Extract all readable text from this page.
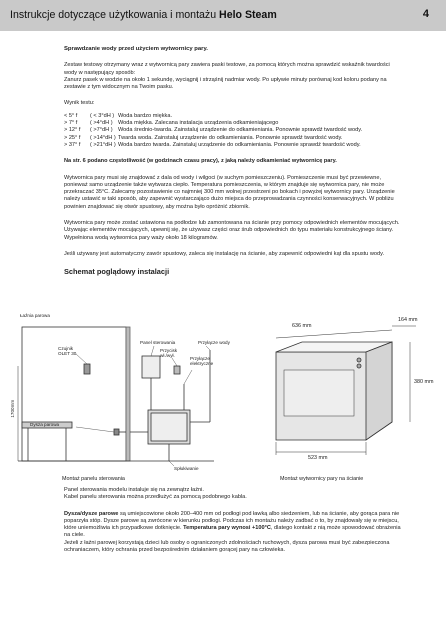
Instrukcje dotyczące użytkowania i montażu Helo Steam	4

Sprawdzanie wody przed użyciem wytwornicy pary.

Zestaw testowy otrzymany wraz z wytwornicą pary zawiera paski testowe, za pomocą których można sprawdzić wskaźnik twardości wody w następujący sposób:

Zanurz pasek w wodzie na około 1 sekundę, wyciągnij i strząśnij nadmiar wody. Po upływie minuty porównaj kod koloru podany na zestawie z tym widocznym na Twoim pasku.

Wynik testu:

< 5° f	( < 3°dH )	Woda bardzo miękka.
> 7° f	( >4°dH )	Woda miękka. Zalecana instalacja urządzenia odkamieniającego
> 12° f	( >7°dH )	Woda średnio-twarda. Zainstaluj urządzenie do odkamieniania. Ponownie sprawdź twardość wody.
> 25° f	( >14°dH )	Twarda woda. Zainstaluj urządzenie do odkamieniania. Ponownie sprawdź twardość wody.
> 37° f	( >21°dH )	Woda bardzo twarda. Zainstaluj urządzenie do odkamieniania. Ponownie sprawdź twardość wody.

Na str. 6 podano częstotliwość (w godzinach czasu pracy), z jaką należy odkamieniać wytwornicę pary.

Wytwornica pary musi się znajdować z dala od wody i wilgoci (w suchym pomieszczeniu). Pomieszczenie musi być przewiewne, ponieważ samo urządzenie także wytwarza ciepło. Temperatura pomieszczenia, w którym znajduje się wytwornica pary, nie może przekraczać 35°C. Zalecamy pozostawienie co najmniej 300 mm wolnej przestrzeni po bokach i powyżej wytwornicy pary. Urządzenie należy ustawić w taki sposób, aby zapewnić wystarczająco dużo miejsca do przeprowadzania czynności konserwacyjnych. W pobliżu powinien znajdować się otwór spustowy, aby można było opróżnić zbiornik.

Wytwornica pary może zostać ustawiona na podłodze lub zamontowana na ścianie przy pomocy odpowiednich elementów mocujących. Używając elementów mocujących, upewnij się, że używasz części oraz śrub odpowiednich do typu materiału konstrukcyjnego ściany. Wypełniona wodą wytwornica pary waży około 18 kilogramów.

Jeśli używany jest automatyczny zawór spustowy, zaleca się instalację na ścianie, aby zapewnić odpowiedni kąt dla spustu wody.

Schemat poglądowy instalacji

Łaźnia parowa
Panel sterowania	Przyłącze wody
Przycisk
wł./wył.
Przyłącze
elektryczne
Czujnik
OLET 30
Dysza parowa
Spłukiwanie
1700mm
636 mm
164 mm
380 mm
523 mm
Montaż panelu sterowania	Montaż wytwornicy pary na ścianie

Panel sterowania modelu instaluje się na zewnątrz łaźni.

Kabel panelu sterowania można przedłużyć za pomocą podobnego kabla.

Dysza/dysze parowe są umiejscowione około 200–400 mm od podłogi pod ławką albo siedzeniem, lub na ścianie, aby gorąca para nie poparzyła stóp. Dysze parowe są zwrócone w kierunku podłogi. Podczas ich montażu należy zadbać o to, by znajdowały się w miejscu, które uniemożliwia ich przypadkowe dotknięcie. Temperatura pary wynosi +100°C, dlatego kontakt z nią może spowodować obrażenia na ciele.

Jeżeli z łaźni parowej korzystają dzieci lub osoby o ograniczonych zdolnościach ruchowych, dysza parowa musi być zabezpieczona ochraniaczem, który ochrania przed bezpośrednim działaniem gorącej pary na człowieka.
